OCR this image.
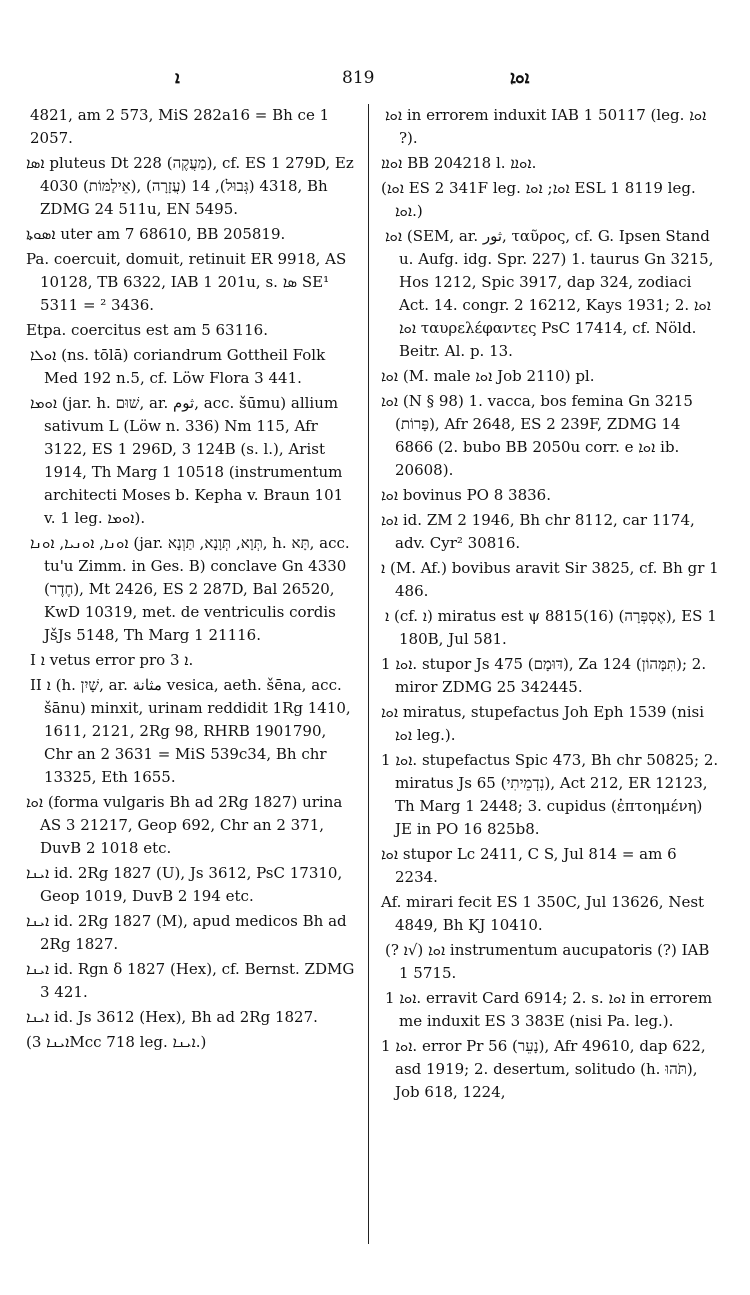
ܐ	819	ܐܘܐ
4821, am 2 573, MiS 282a16 = Bh ce 1 2057.
ܐܣܐ pluteus Dt 228 (מַעֲקֶה), cf. ES 1 279D, Ez 4030 (אֵילַמּוֹת), 4318 (גְּבוּל), 14 (עֲזָרָה), Bh ZDMG 24 511u, EN 5495.
ܐܣܘܬܐ uter am 7 68610, BB 205819.
Pa. coercuit, domuit, retinuit ER 9918, AS 10128, TB 6322, IAB 1 201u, s. ܣܐ SE¹ 5311 = ² 3436.
Etpa. coercitus est am 5 63116.
ܐܘܠܐ (ns. tōlā) coriandrum Gottheil Folk Med 192 n.5, cf. Löw Flora 3 441.
ܐܘܡܐ (jar. h. שׁוּם, ar. ثوم, acc. šūmu) allium sativum L (Löw n. 336) Nm 115, Afr 3122, ES 1 296D, 3 124B (s. l.), Arist 1914, Th Marg 1 10518 (instrumentum architecti Moses b. Kepha v. Braun 101 v. 1 leg. ܐܘܡܐ).
ܐܘܢܐ, ܐܘܢܝܐ, ܐܘܢܐ (jar. תְּוָא, תְּוָנָא, תַּוְנָא, h. תָּא, acc. tu'u Zimm. in Ges. B) conclave Gn 4330 (חֶדֶר), Mt 2426, ES 2 287D, Bal 26520, KwD 10319, met. de ventriculis cordis JšJs 5148, Th Marg 1 21116.
I ܐ vetus error pro ܐ 3.
II ܐ (h. שָׁיִן, ar. مثانة vesica, aeth. šēna, acc. šānu) minxit, urinam reddidit 1Rg 1410, 1611, 2121, 2Rg 98, RHRB 1901790, Chr an 2 3631 = MiS 539c34, Bh chr 13325, Eth 1655.
ܐܘܐ (forma vulgaris Bh ad 2Rg 1827) urina AS 3 21217, Geop 692, Chr an 2 371, DuvB 2 1018 etc.
ܐܝܢܐ id. 2Rg 1827 (U), Js 3612, PsC 17310, Geop 1019, DuvB 2 194 etc.
ܐܝܢܐ id. 2Rg 1827 (M), apud medicos Bh ad 2Rg 1827.
ܐܝܢܐ id. Rgn δ 1827 (Hex), cf. Bernst. ZDMG 3 421.
ܐܝܢܐ id. Js 3612 (Hex), Bh ad 2Rg 1827.
(ܐܝܢܐ 3Mcc 718 leg. ܐܝܢܐ.)
ܐܘܐ in errorem induxit IAB 1 50117 (leg. ܐܘܐ ?).
ܐܘܐܐ BB 204218 l. ܐܘܐܐ.
(ܐܘܐ ES 2 341F leg. ܐܘܐ; ܐܘܐ ESL 1 8119 leg. ܐܘܐ.)
ܐܘܐ (SEM, ar. ثور, ταῦρος, cf. G. Ipsen Stand u. Aufg. idg. Spr. 227) 1. taurus Gn 3215, Hos 1212, Spic 3917, dap 324, zodiaci Act. 14. congr. 2 16212, Kays 1931; 2. ܐܘܐ ܐܘܐ ταυρελέφαντες PsC 17414, cf. Nöld. Beitr. Al. p. 13.
ܐܘܐ (M. male ܐܘܐ Job 2110) pl.
ܐܘܐ (N § 98) 1. vacca, bos femina Gn 3215 (פָּרוֹת), Afr 2648, ES 2 239F, ZDMG 14 6866 (2. bubo BB 2050u corr. e ܐܘܐ ib. 20608).
ܐܘܐ bovinus PO 8 3836.
ܐܘܐ id. ZM 2 1946, Bh chr 8112, car 1174, adv. Cyr² 30816.
ܐ (M. Af.) bovibus aravit Sir 3825, cf. Bh gr 1 486.
ܐ (cf. ܐ) miratus est ψ 8815(16) (אֶסְפְּרָה), ES 1 180B, Jul 581.
ܐܘܐ 1. stupor Js 475 (דּוּמָם), Za 124 (תִּמָּהוֹן); 2. miror ZDMG 25 342445.
ܐܘܐ miratus, stupefactus Joh Eph 1539 (nisi ܐܘܐ leg.).
ܐܘܐ 1. stupefactus Spic 473, Bh chr 50825; 2. miratus Js 65 (נִדְמֵיתִי), Act 212, ER 12123, Th Marg 1 2448; 3. cupidus (ἐπτοημένη) JE in PO 16 825b8.
ܐܘܐ stupor Lc 2411, C S, Jul 814 = am 6 2234.
Af. mirari fecit ES 1 350C, Jul 13626, Nest 4849, Bh KJ 10410.
ܐܘܐ (√ܐ ?) instrumentum aucupatoris (?) IAB 1 5715.
ܐܘܐ 1. erravit Card 6914; 2. s. ܐܘܐ in errorem me induxit ES 3 383E (nisi Pa. leg.).
ܐܘܐ 1. error Pr 56 (נָעֵר), Afr 49610, dap 622, asd 1919; 2. desertum, solitudo (h. תֹּהוּ), Job 618, 1224,
